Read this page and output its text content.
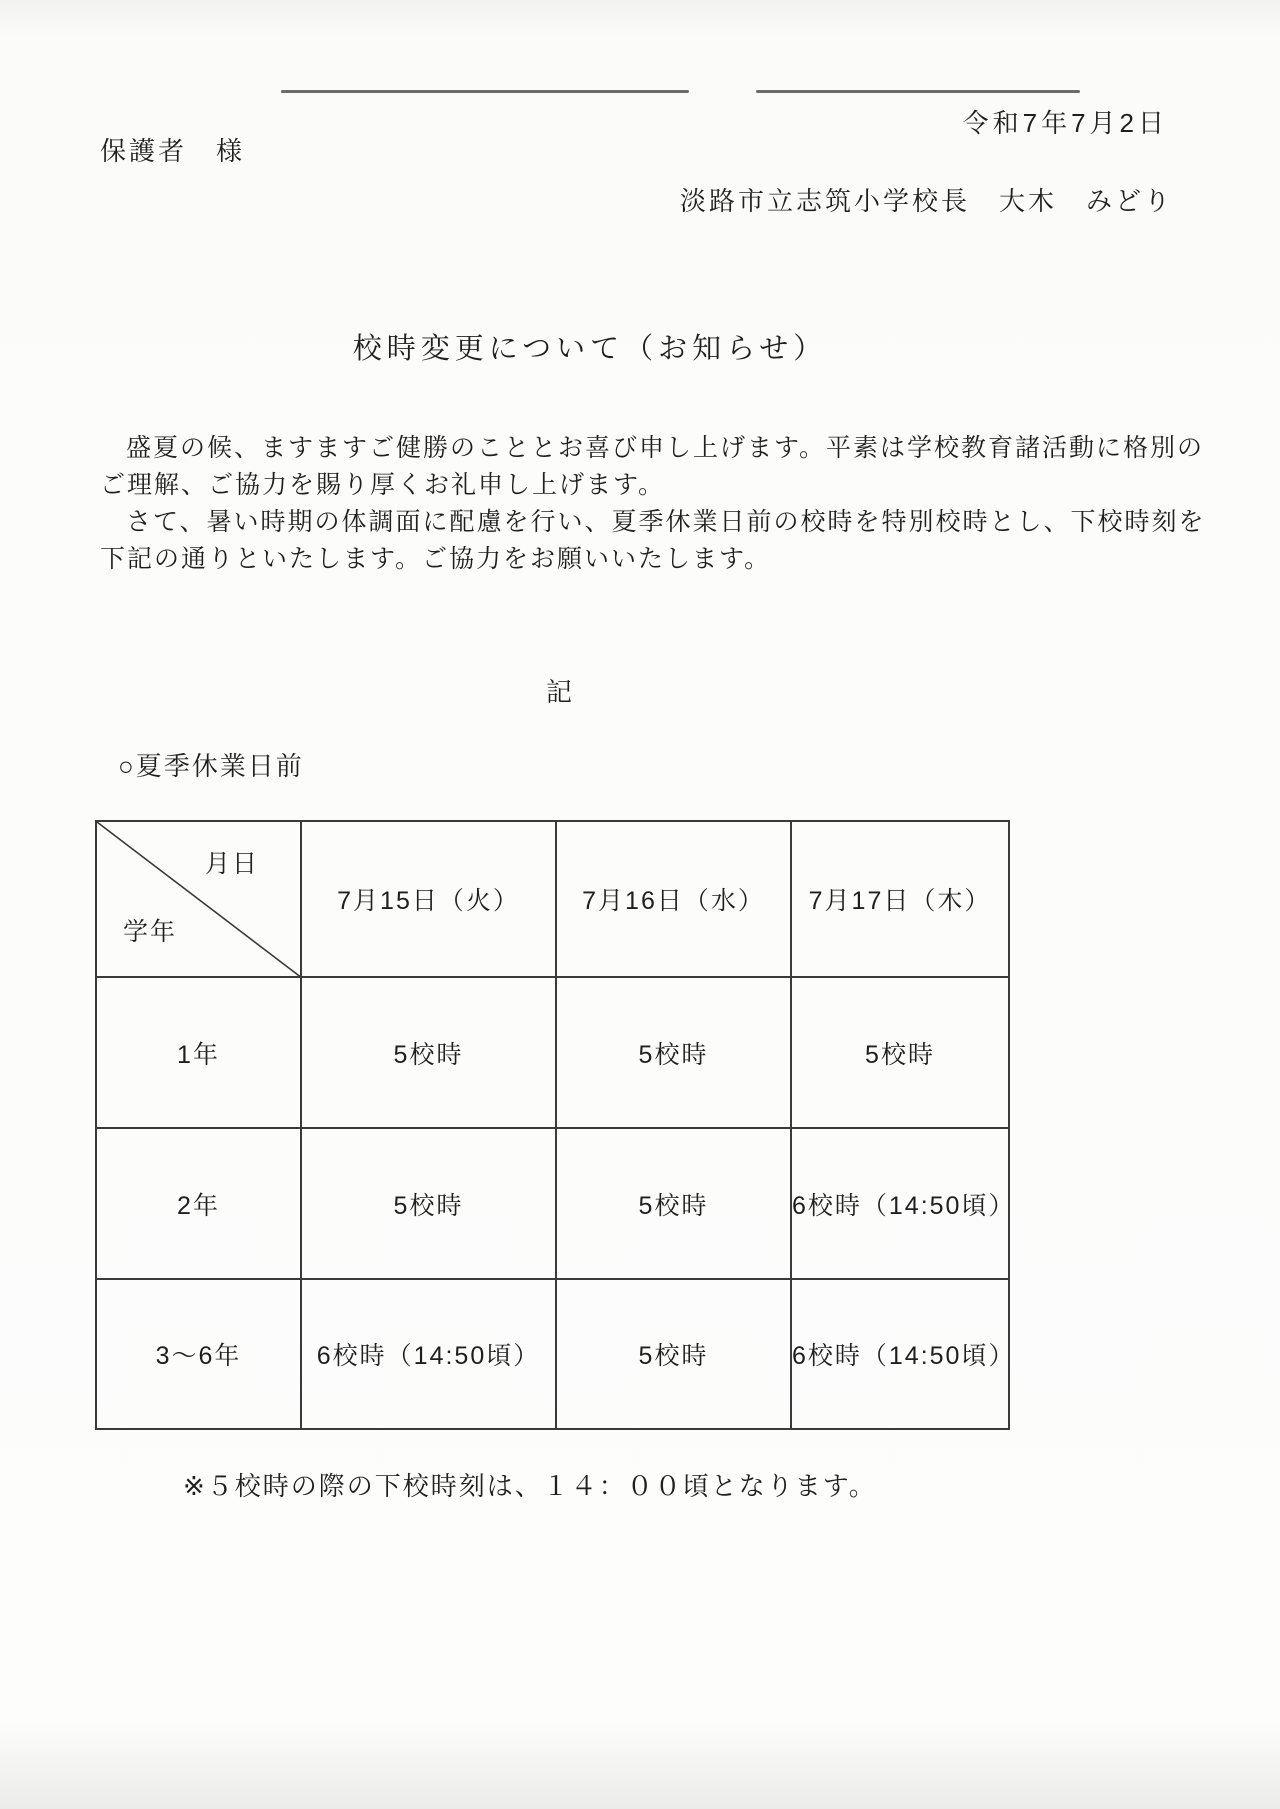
令和7年7月2日
保護者　様
淡路市立志筑小学校長　大木　みどり
校時変更について（お知らせ）
盛夏の候、ますますご健勝のこととお喜び申し上げます。平素は学校教育諸活動に格別の
ご理解、ご協力を賜り厚くお礼申し上げます。
さて、暑い時期の体調面に配慮を行い、夏季休業日前の校時を特別校時とし、下校時刻を
下記の通りといたします。ご協力をお願いいたします。
記
○夏季休業日前
月日
学年
7月15日（火）	7月16日（水）	7月17日（木）
1年	5校時	5校時	5校時
2年	5校時	5校時	6校時（14:50頃）
3～6年	6校時（14:50頃）	5校時	6校時（14:50頃）
※５校時の際の下校時刻は、１４：００頃となります。
